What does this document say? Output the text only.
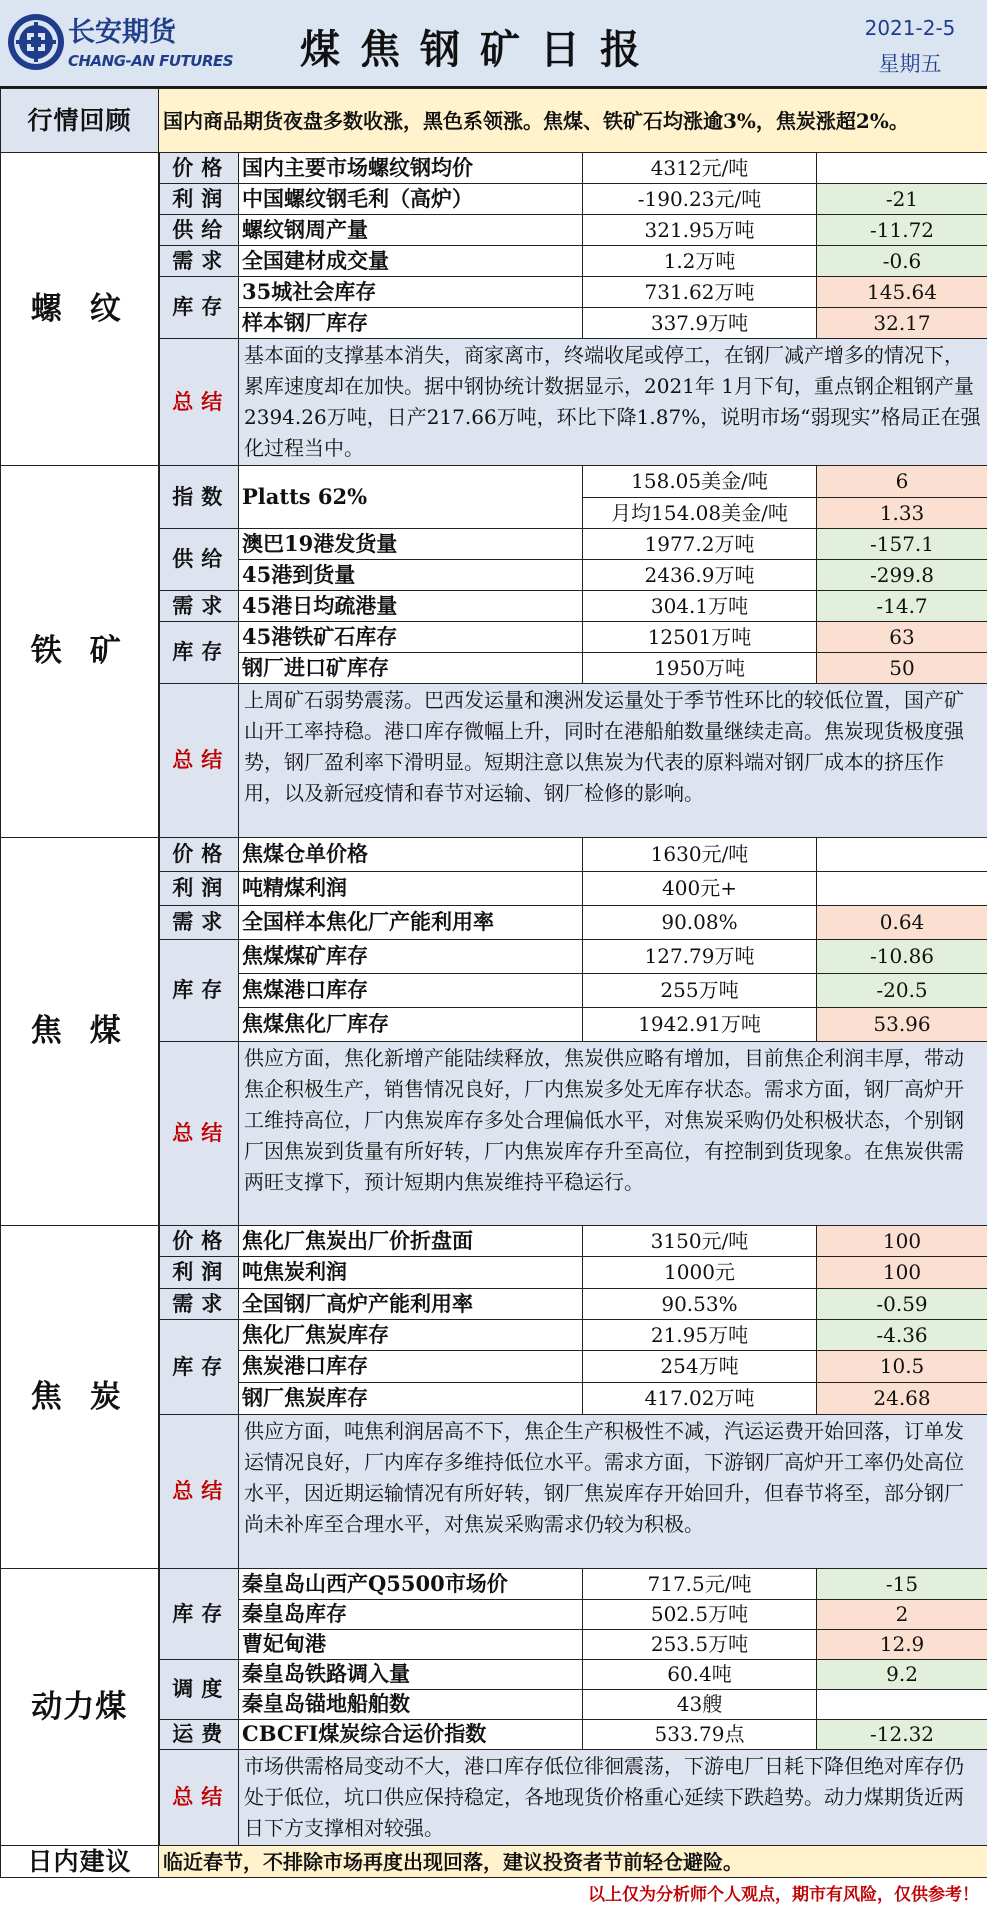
长安期货
CHANG-AN FUTURES	煤焦钢矿日报	2021-2-5
星期五
行情回顾	国内商品期货夜盘多数收涨，黑色系领涨。焦煤、铁矿石均涨逾3%，焦炭涨超2%。			
螺纹	价格	国内主要市场螺纹钢均价	4312元/吨	
	利润	中国螺纹钢毛利（高炉）	-190.23元/吨	-21
	供给	螺纹钢周产量	321.95万吨	-11.72
	需求	全国建材成交量	1.2万吨	-0.6
	库存	35城社会库存	731.62万吨	145.64
		样本钢厂库存	337.9万吨	32.17
	总结	基本面的支撑基本消失，商家离市，终端收尾或停工，在钢厂减产增多的情况下，累库速度却在加快。据中钢协统计数据显示，2021年 1月下旬，重点钢企粗钢产量2394.26万吨，日产217.66万吨，环比下降1.87%，说明市场“弱现实”格局正在强化过程当中。		
铁矿	指数	Platts 62%	158.05美金/吨	6
			月均154.08美金/吨	1.33
	供给	澳巴19港发货量	1977.2万吨	-157.1
		45港到货量	2436.9万吨	-299.8
	需求	45港日均疏港量	304.1万吨	-14.7
	库存	45港铁矿石库存	12501万吨	63
		钢厂进口矿库存	1950万吨	50
	总结	上周矿石弱势震荡。巴西发运量和澳洲发运量处于季节性环比的较低位置，国产矿山开工率持稳。港口库存微幅上升，同时在港船舶数量继续走高。焦炭现货极度强势，钢厂盈利率下滑明显。短期注意以焦炭为代表的原料端对钢厂成本的挤压作用，以及新冠疫情和春节对运输、钢厂检修的影响。		
焦煤	价格	焦煤仓单价格	1630元/吨	
	利润	吨精煤利润	400元+	
	需求	全国样本焦化厂产能利用率	90.08%	0.64
	库存	焦煤煤矿库存	127.79万吨	-10.86
		焦煤港口库存	255万吨	-20.5
		焦煤焦化厂库存	1942.91万吨	53.96
	总结	供应方面，焦化新增产能陆续释放，焦炭供应略有增加，目前焦企利润丰厚，带动焦企积极生产，销售情况良好，厂内焦炭多处无库存状态。需求方面，钢厂高炉开工维持高位，厂内焦炭库存多处合理偏低水平，对焦炭采购仍处积极状态，个别钢厂因焦炭到货量有所好转，厂内焦炭库存升至高位，有控制到货现象。在焦炭供需两旺支撑下，预计短期内焦炭维持平稳运行。		
焦炭	价格	焦化厂焦炭出厂价折盘面	3150元/吨	100
	利润	吨焦炭利润	1000元	100
	需求	全国钢厂高炉产能利用率	90.53%	-0.59
	库存	焦化厂焦炭库存	21.95万吨	-4.36
		焦炭港口库存	254万吨	10.5
		钢厂焦炭库存	417.02万吨	24.68
	总结	供应方面，吨焦利润居高不下，焦企生产积极性不减，汽运运费开始回落，订单发运情况良好，厂内库存多维持低位水平。需求方面，下游钢厂高炉开工率仍处高位水平，因近期运输情况有所好转，钢厂焦炭库存开始回升，但春节将至，部分钢厂尚未补库至合理水平，对焦炭采购需求仍较为积极。		
动力煤	库存	秦皇岛山西产Q5500市场价	717.5元/吨	-15
		秦皇岛库存	502.5万吨	2
		曹妃甸港	253.5万吨	12.9
	调度	秦皇岛铁路调入量	60.4吨	9.2
		秦皇岛锚地船舶数	43艘	
	运费	CBCFI煤炭综合运价指数	533.79点	-12.32
	总结	市场供需格局变动不大，港口库存低位徘徊震荡，下游电厂日耗下降但绝对库存仍处于低位，坑口供应保持稳定，各地现货价格重心延续下跌趋势。动力煤期货近两日下方支撑相对较强。		
日内建议	临近春节，不排除市场再度出现回落，建议投资者节前轻仓避险。			
以上仅为分析师个人观点，期市有风险，仅供参考！
